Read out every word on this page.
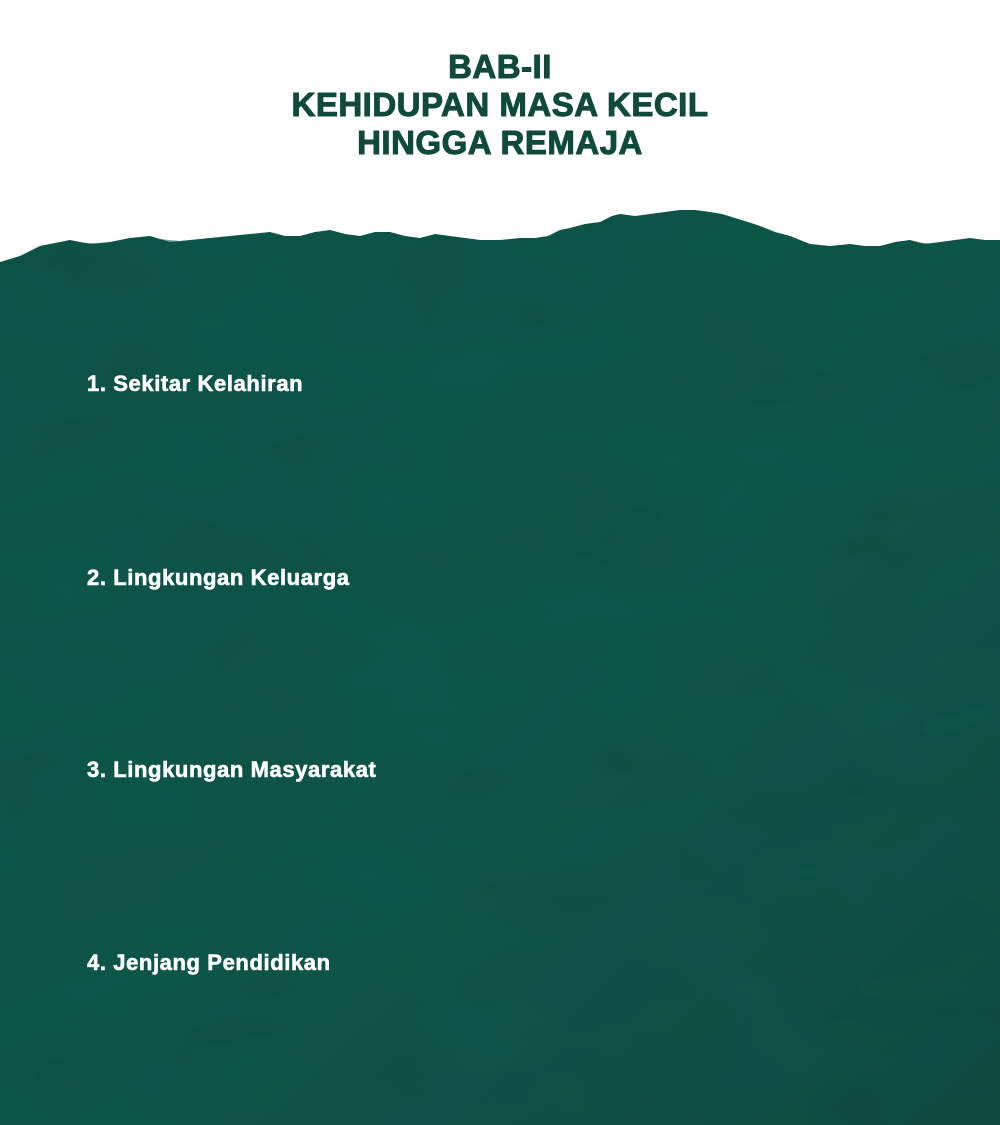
BAB-II
KEHIDUPAN MASA KECIL
HINGGA REMAJA
1. Sekitar Kelahiran
2. Lingkungan Keluarga
3. Lingkungan Masyarakat
4. Jenjang Pendidikan
